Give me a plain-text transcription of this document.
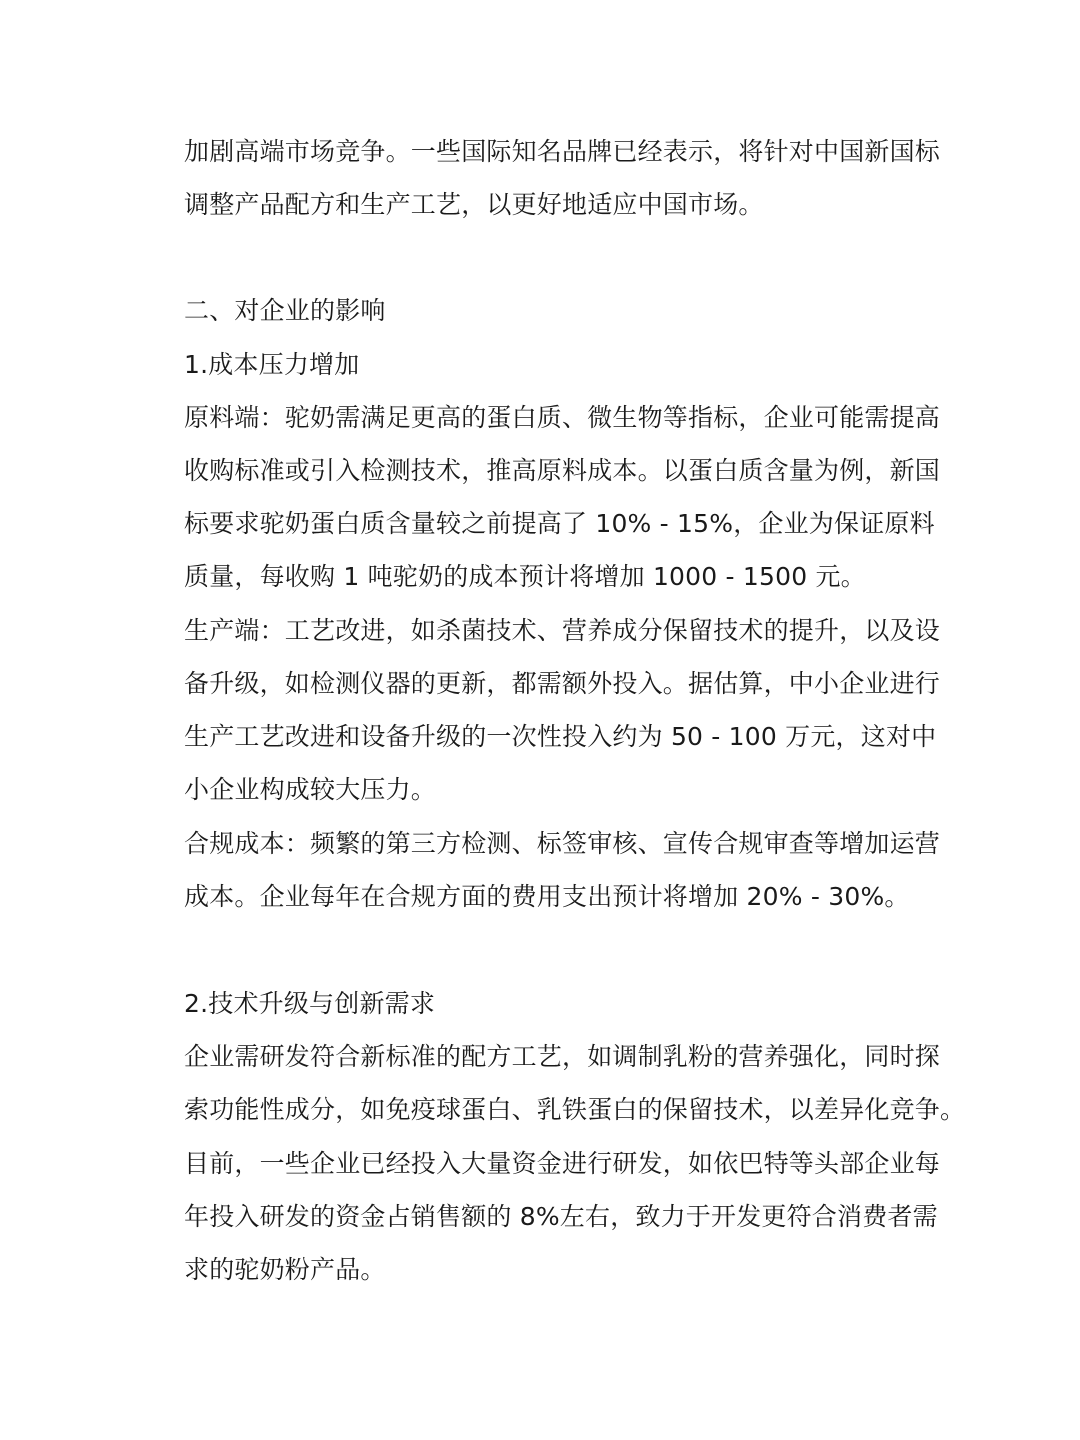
加剧高端市场竞争。一些国际知名品牌已经表示，将针对中国新国标
调整产品配方和生产工艺，以更好地适应中国市场。
二、对企业的影响
1.成本压力增加
原料端：驼奶需满足更高的蛋白质、微生物等指标，企业可能需提高
收购标准或引入检测技术，推高原料成本。以蛋白质含量为例，新国
标要求驼奶蛋白质含量较之前提高了 10% - 15%，企业为保证原料
质量，每收购 1 吨驼奶的成本预计将增加 1000 - 1500 元。
生产端：工艺改进，如杀菌技术、营养成分保留技术的提升，以及设
备升级，如检测仪器的更新，都需额外投入。据估算，中小企业进行
生产工艺改进和设备升级的一次性投入约为 50 - 100 万元，这对中
小企业构成较大压力。
合规成本：频繁的第三方检测、标签审核、宣传合规审查等增加运营
成本。企业每年在合规方面的费用支出预计将增加 20% - 30%。
2.技术升级与创新需求
企业需研发符合新标准的配方工艺，如调制乳粉的营养强化，同时探
索功能性成分，如免疫球蛋白、乳铁蛋白的保留技术，以差异化竞争。
目前，一些企业已经投入大量资金进行研发，如依巴特等头部企业每
年投入研发的资金占销售额的 8%左右，致力于开发更符合消费者需
求的驼奶粉产品。
